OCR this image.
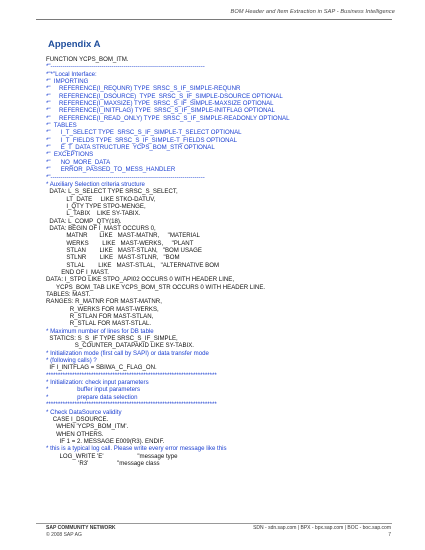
BOM Header and Item Extraction in SAP - Business Intelligence
Appendix A
FUNCTION YCPS_BOM_ITM.
*"----------------------------------------------------------------------------
*"*"Local Interface:
*"  IMPORTING
*"     REFERENCE(I_REQUNR) TYPE  SRSC_S_IF_SIMPLE-REQUNR
*"     REFERENCE(I_DSOURCE)  TYPE  SRSC_S_IF_SIMPLE-DSOURCE OPTIONAL
*"     REFERENCE(I_MAXSIZE) TYPE  SRSC_S_IF_SIMPLE-MAXSIZE OPTIONAL
*"     REFERENCE(I_INITFLAG) TYPE  SRSC_S_IF_SIMPLE-INITFLAG OPTIONAL
*"     REFERENCE(I_READ_ONLY) TYPE  SRSC_S_IF_SIMPLE-READONLY OPTIONAL
*"  TABLES
*"      I_T_SELECT TYPE  SRSC_S_IF_SIMPLE-T_SELECT OPTIONAL
*"      I_T_FIELDS TYPE  SRSC_S_IF_SIMPLE-T_FIELDS OPTIONAL
*"      E_T_DATA STRUCTURE  YCPS_BOM_STR OPTIONAL
*"  EXCEPTIONS
*"      NO_MORE_DATA
*"      ERROR_PASSED_TO_MESS_HANDLER
*"----------------------------------------------------------------------------
* Auxiliary Selection criteria structure
DATA: L_S_SELECT TYPE SRSC_S_SELECT,
LT_DATE     LIKE STKO-DATUV,
I_QTY TYPE STPO-MENGE,
L_TABIX    LIKE SY-TABIX.
DATA: L_COMP_QTY(18).
DATA: BEGIN OF I_MAST OCCURS 0,
MATNR       LIKE   MAST-MATNR,     "MATERIAL
WERKS        LIKE   MAST-WERKS,     "PLANT
STLAN        LIKE   MAST-STLAN,   "BOM USAGE
STLNR        LIKE   MAST-STLNR,   "BOM
STLAL        LIKE   MAST-STLAL,   "ALTERNATIVE BOM
END OF I_MAST.
DATA: I_STPO LIKE STPO_API02 OCCURS 0 WITH HEADER LINE,
YCPS_BOM_TAB LIKE YCPS_BOM_STR OCCURS 0 WITH HEADER LINE.
TABLES: MAST.
RANGES: R_MATNR FOR MAST-MATNR,
R_WERKS FOR MAST-WERKS,
R_STLAN FOR MAST-STLAN,
R_STLAL FOR MAST-STLAL.
* Maximum number of lines for DB table
STATICS: S_S_IF TYPE SRSC_S_IF_SIMPLE,
S_COUNTER_DATAPAKID LIKE SY-TABIX.
* Initialization mode (first call by SAPI) or data transfer mode
* (following calls) ?
IF I_INITFLAG = SBIWA_C_FLAG_ON.
************************************************************************
* Initialization: check input parameters
*                 buffer input parameters
*                 prepare data selection
************************************************************************
* Check DataSource validity
CASE I_DSOURCE.
WHEN 'YCPS_BOM_ITM'.
WHEN OTHERS.
IF 1 = 2. MESSAGE E009(R3). ENDIF.
* this is a typical log call. Please write every error message like this
LOG_WRITE 'E'                    "message type
'R3'                 "message class
SAP COMMUNITY NETWORK	SDN - sdn.sap.com | BPX - bpx.sap.com | BOC - boc.sap.com
© 2008 SAP AG	7
